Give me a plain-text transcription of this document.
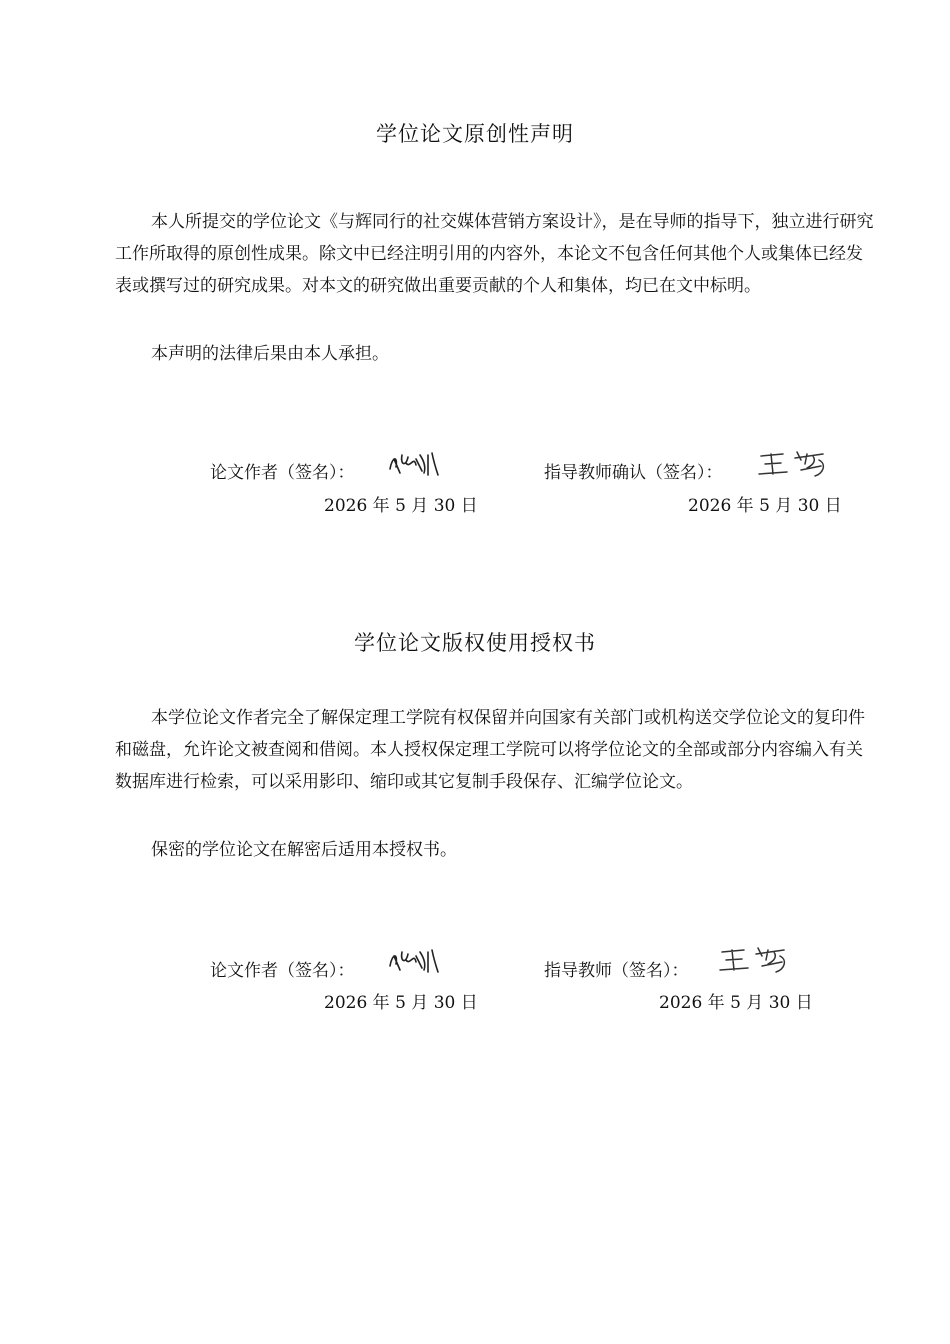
学位论文原创性声明

本人所提交的学位论文《与辉同行的社交媒体营销方案设计》，是在导师的指导下，独立进行研究工作所取得的原创性成果。除文中已经注明引用的内容外，本论文不包含任何其他个人或集体已经发表或撰写过的研究成果。对本文的研究做出重要贡献的个人和集体，均已在文中标明。

本声明的法律后果由本人承担。

论文作者（签名）：
2026 年 5 月 30 日
指导教师确认（签名）：
2026 年 5 月 30 日
学位论文版权使用授权书

本学位论文作者完全了解保定理工学院有权保留并向国家有关部门或机构送交学位论文的复印件和磁盘，允许论文被查阅和借阅。本人授权保定理工学院可以将学位论文的全部或部分内容编入有关数据库进行检索，可以采用影印、缩印或其它复制手段保存、汇编学位论文。

保密的学位论文在解密后适用本授权书。

论文作者（签名）：
2026 年 5 月 30 日
指导教师（签名）：
2026 年 5 月 30 日
